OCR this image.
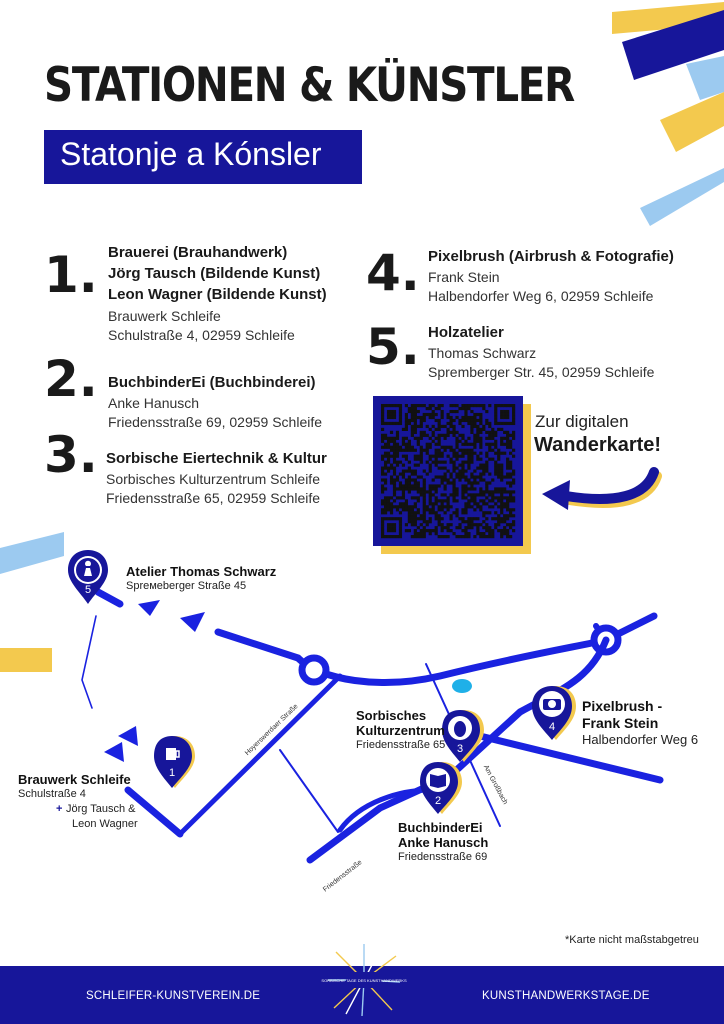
STATIONEN & KÜNSTLER
Statonje a Kónsler
1. Brauerei (Brauhandwerk)
Jörg Tausch (Bildende Kunst)
Leon Wagner (Bildende Kunst)
Brauwerk Schleife
Schulstraße 4, 02959 Schleife
2. BuchbinderEi (Buchbinderei)
Anke Hanusch
Friedensstraße 69, 02959 Schleife
3. Sorbische Eiertechnik & Kultur
Sorbisches Kulturzentrum Schleife
Friedensstraße 65, 02959 Schleife
4. Pixelbrush (Airbrush & Fotografie)
Frank Stein
Halbendorfer Weg 6, 02959 Schleife
5. Holzatelier
Thomas Schwarz
Spremberger Str. 45, 02959 Schleife
Zur digitalen
Wanderkarte!
Hoyerswerdaer Straße
Friedensstraße
Am Großbach
5
1
2
3
4
Atelier Thomas Schwarz
Sprемeberger Straße 45
Brauwerk Schleife
Schulstraße 4
+ Jörg Tausch &
Leon Wagner
Sorbisches
Kulturzentrum
Friedensstraße 65
BuchbinderEi
Anke Hanusch
Friedensstraße 69
Pixelbrush -
Frank Stein
Halbendorfer Weg 6
*Karte nicht maßstabgetreu
SCHLEIFER-KUNSTVEREIN.DE	KUNSTHANDWERKSTAGE.DE
SORBISCHE TAGE DES KUNSTHANDWERKS
